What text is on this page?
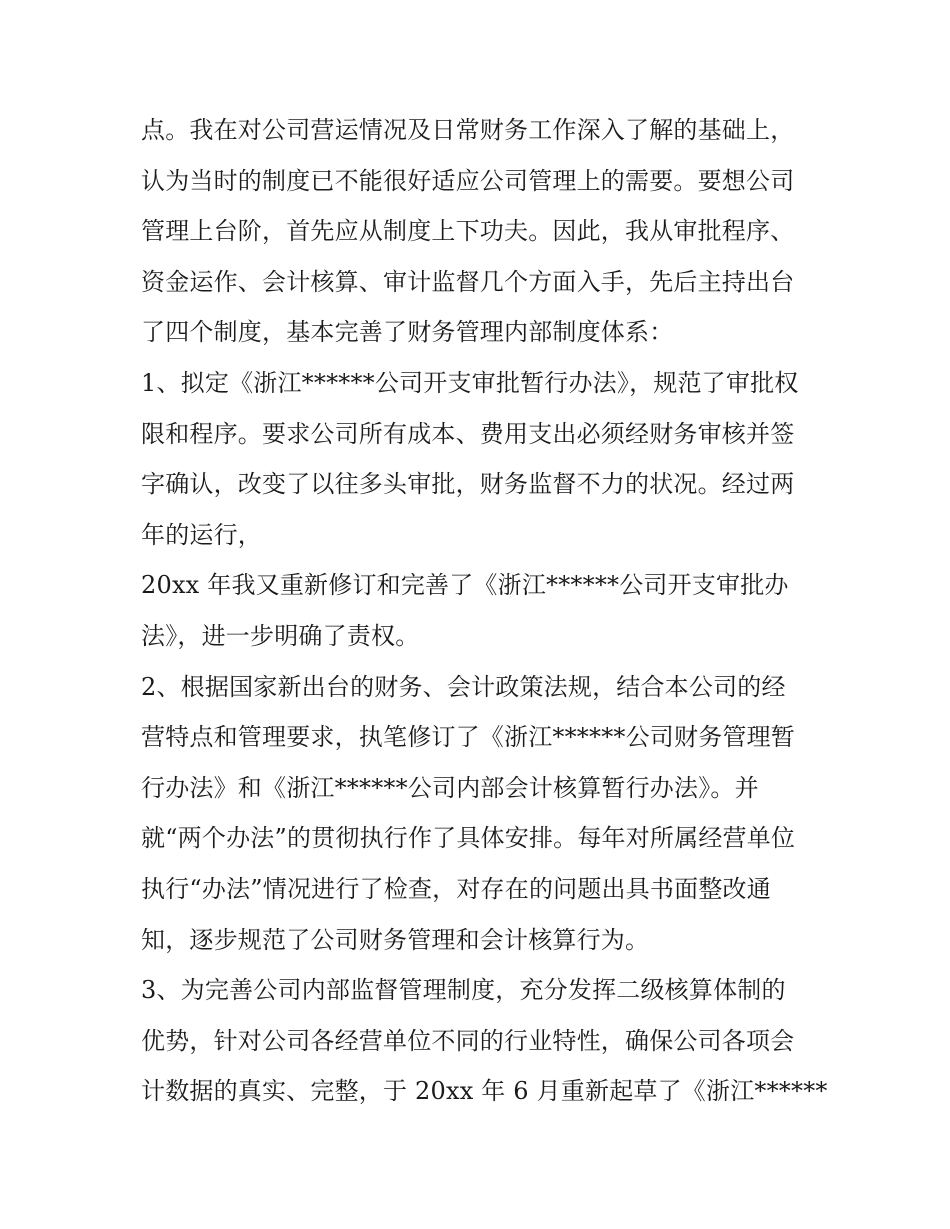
点。我在对公司营运情况及日常财务工作深入了解的基础上，
认为当时的制度已不能很好适应公司管理上的需要。要想公司
管理上台阶，首先应从制度上下功夫。因此，我从审批程序、
资金运作、会计核算、审计监督几个方面入手，先后主持出台
了四个制度，基本完善了财务管理内部制度体系：
1、拟定《浙江******公司开支审批暂行办法》，规范了审批权
限和程序。要求公司所有成本、费用支出必须经财务审核并签
字确认，改变了以往多头审批，财务监督不力的状况。经过两
年的运行，
20xx 年我又重新修订和完善了《浙江******公司开支审批办
法》，进一步明确了责权。
2、根据国家新出台的财务、会计政策法规，结合本公司的经
营特点和管理要求，执笔修订了《浙江******公司财务管理暂
行办法》和《浙江******公司内部会计核算暂行办法》。并
就“两个办法”的贯彻执行作了具体安排。每年对所属经营单位
执行“办法”情况进行了检查，对存在的问题出具书面整改通
知，逐步规范了公司财务管理和会计核算行为。
3、为完善公司内部监督管理制度，充分发挥二级核算体制的
优势，针对公司各经营单位不同的行业特性，确保公司各项会
计数据的真实、完整，于 20xx 年 6 月重新起草了《浙江******
